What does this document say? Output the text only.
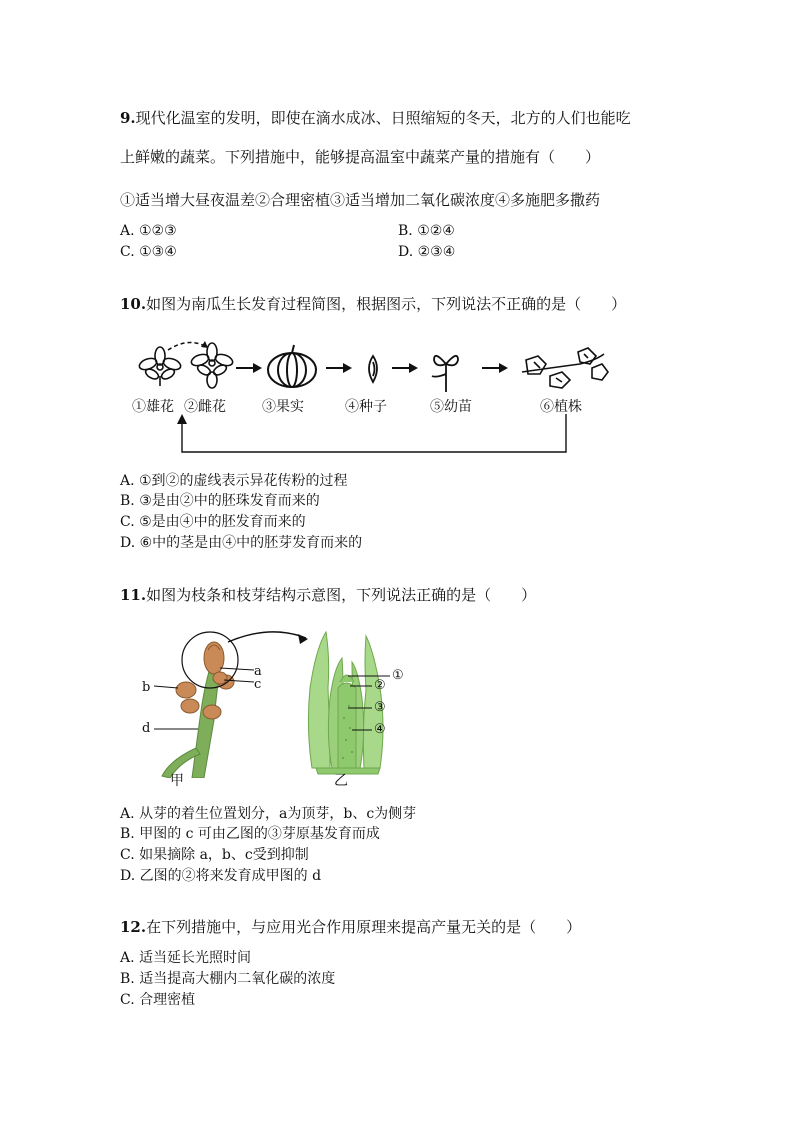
9.现代化温室的发明，即使在滴水成冰、日照缩短的冬天，北方的人们也能吃
上鲜嫩的蔬菜。下列措施中，能够提高温室中蔬菜产量的措施有（　　）
①适当增大昼夜温差②合理密植③适当增加二氧化碳浓度④多施肥多撒药
A. ①②③	B. ①②④
C. ①③④	D. ②③④
10.如图为南瓜生长发育过程简图，根据图示，下列说法不正确的是（　　）
①雄花 ②雌花	③果实	④种子	⑤幼苗	⑥植株
A. ①到②的虚线表示异花传粉的过程
B. ③是由②中的胚珠发育而来的
C. ⑤是由④中的胚发育而来的
D. ⑥中的茎是由④中的胚芽发育而来的
11.如图为枝条和枝芽结构示意图，下列说法正确的是（　　）
a
c
b
d
甲
①
②
③
④
乙
A. 从芽的着生位置划分，a为顶芽，b、c为侧芽
B. 甲图的 c 可由乙图的③芽原基发育而成
C. 如果摘除 a，b、c受到抑制
D. 乙图的②将来发育成甲图的 d
12.在下列措施中，与应用光合作用原理来提高产量无关的是（　　）
A. 适当延长光照时间
B. 适当提高大棚内二氧化碳的浓度
C. 合理密植
